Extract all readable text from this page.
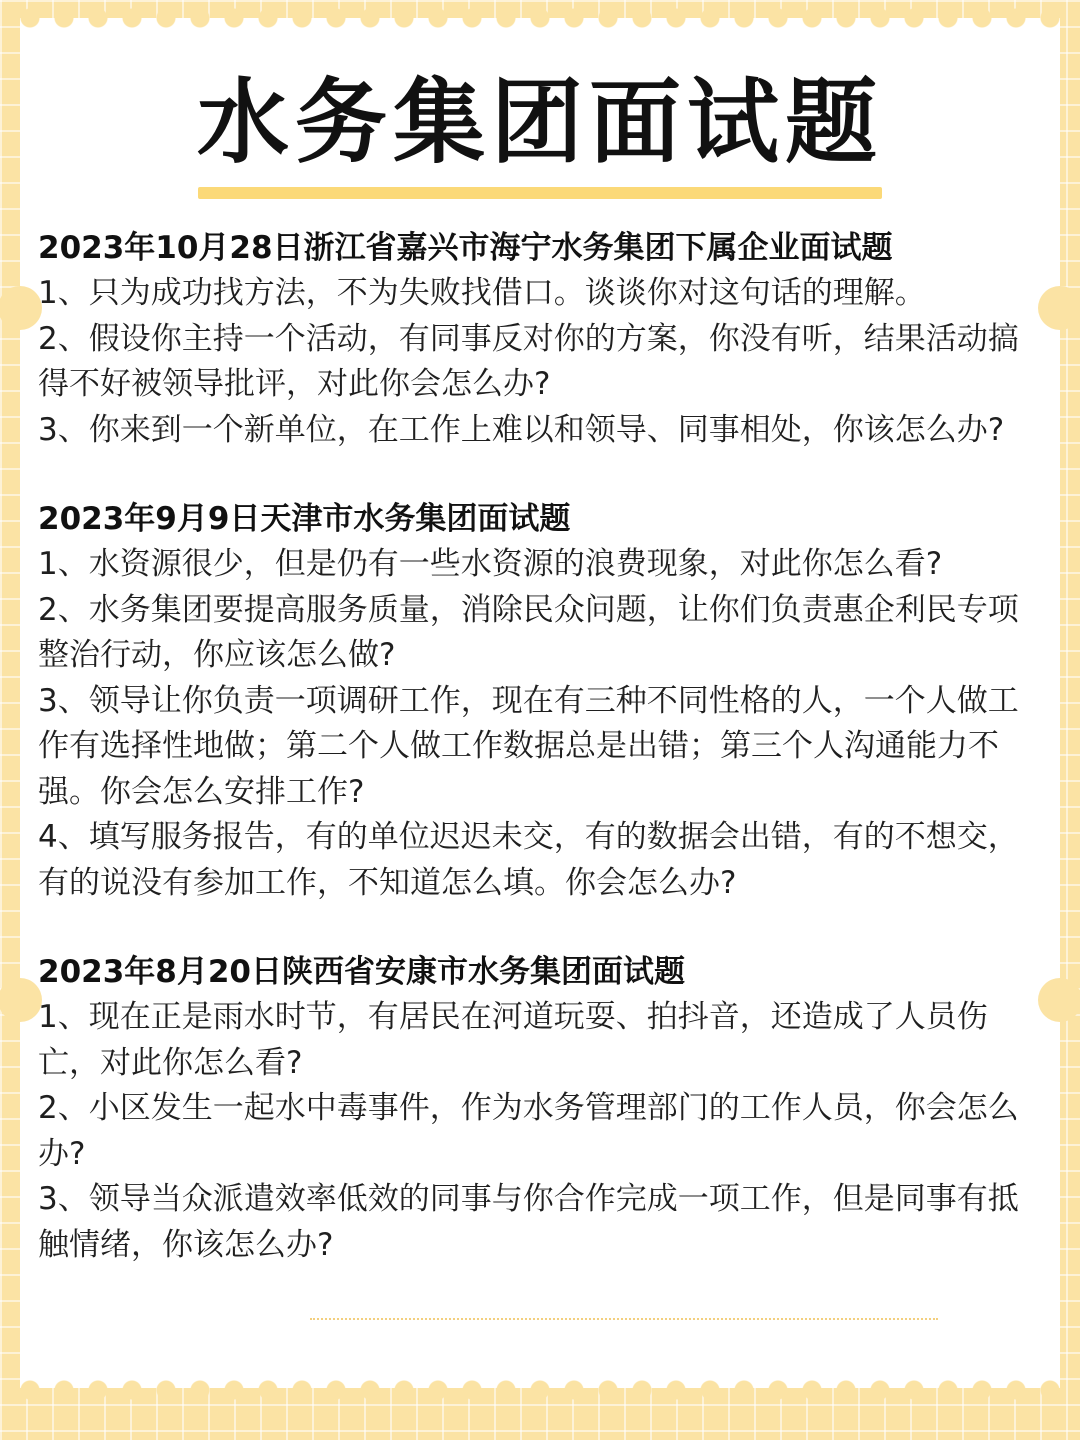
水务集团面试题

2023年10月28日浙江省嘉兴市海宁水务集团下属企业面试题

1、只为成功找方法，不为失败找借口。谈谈你对这句话的理解。

2、假设你主持一个活动，有同事反对你的方案，你没有听，结果活动搞得不好被领导批评，对此你会怎么办?

3、你来到一个新单位，在工作上难以和领导、同事相处，你该怎么办?

2023年9月9日天津市水务集团面试题

1、水资源很少，但是仍有一些水资源的浪费现象，对此你怎么看?

2、水务集团要提高服务质量，消除民众问题，让你们负责惠企利民专项整治行动，你应该怎么做?

3、领导让你负责一项调研工作，现在有三种不同性格的人，一个人做工作有选择性地做；第二个人做工作数据总是出错；第三个人沟通能力不强。你会怎么安排工作?

4、填写服务报告，有的单位迟迟未交，有的数据会出错，有的不想交，有的说没有参加工作，不知道怎么填。你会怎么办?

2023年8月20日陕西省安康市水务集团面试题

1、现在正是雨水时节，有居民在河道玩耍、拍抖音，还造成了人员伤亡，对此你怎么看?

2、小区发生一起水中毒事件，作为水务管理部门的工作人员，你会怎么办?

3、领导当众派遣效率低效的同事与你合作完成一项工作，但是同事有抵触情绪，你该怎么办?
